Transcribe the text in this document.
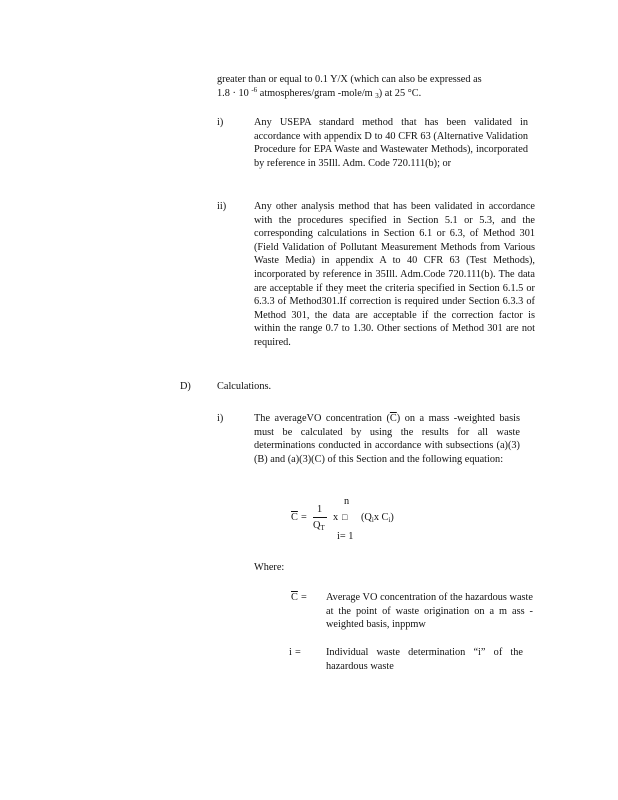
greater than or equal to 0.1 Y/X (which can also be expressed as
1.8 · 10 $^{-6}$ atmospheres/gram -mole/m $_3$) at 25 °C.
i)	Any USEPA standard method that has been validated in accordance with appendix D to 40 CFR 63 (Alternative Validation Procedure for EPA Waste and Wastewater Methods), incorporated by reference in 35Ill. Adm. Code 720.111(b); or
ii)	Any other analysis method that has been validated in accordance with the procedures specified in Section 5.1 or 5.3, and the corresponding calculations in Section 6.1 or 6.3, of Method 301 (Field Validation of Pollutant Measurement Methods from Various Waste Media) in appendix A to 40 CFR 63 (Test Methods), incorporated by reference in 35Ill. Adm.Code 720.111(b). The data are acceptable if they meet the criteria specified in Section 6.1.5 or 6.3.3 of Method301.If correction is required under Section 6.3.3 of Method 301, the data are acceptable if the correction factor is within the range 0.7 to 1.30. Other sections of Method 301 are not required.
D)	Calculations.
i)	The averageVO concentration $(\overline{C})$ on a mass -weighted basis must be calculated by using the results for all waste determinations conducted in accordance with subsections (a)(3)(B) and (a)(3)(C) of this Section and the following equation:
$\overline{C}$ =
1
$Q_T$
x
n
□
i= 1
($Q_ix$ $C_i$)
Where:
$\overline{C}$ = Average VO concentration of the hazardous waste at the point of waste origination on a m ass -weighted basis, inppmw
i = Individual waste determination “i” of the hazardous waste
